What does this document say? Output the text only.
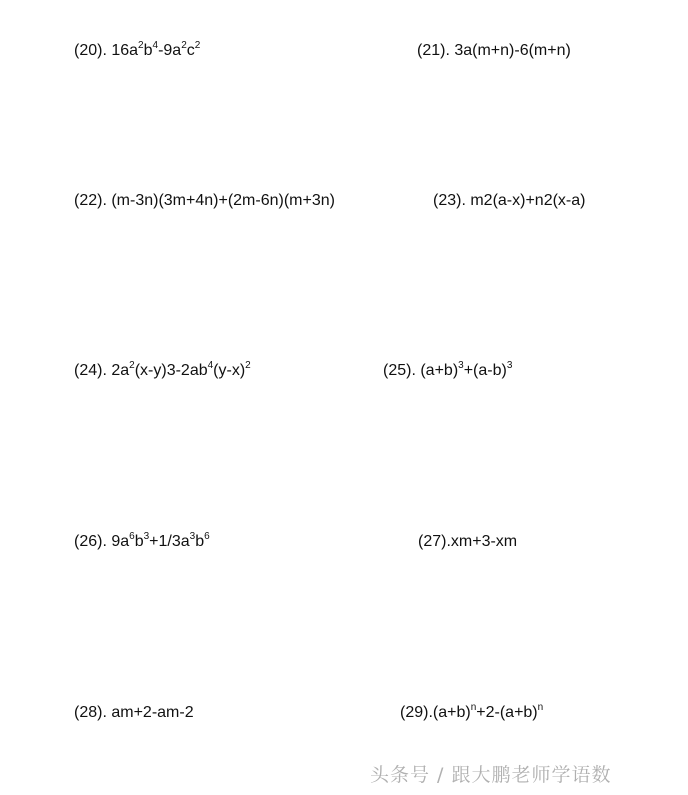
(20). $16a^2b^4-9a^2c^2$	(21). 3a(m+n)-6(m+n)
(22). (m-3n)(3m+4n)+(2m-6n)(m+3n)	(23). m2(a-x)+n2(x-a)
(24). $2a^2(x-y)3-2ab^4(y-x)^2$	(25). $(a+b)^3+(a-b)^3$
(26). $9a^6b^3+1/3a^3b^6$	(27).xm+3-xm
(28). am+2-am-2	$(29).(a+b)^n+2-(a+b)^n$
头条号 / 跟大鹏老师学语数
